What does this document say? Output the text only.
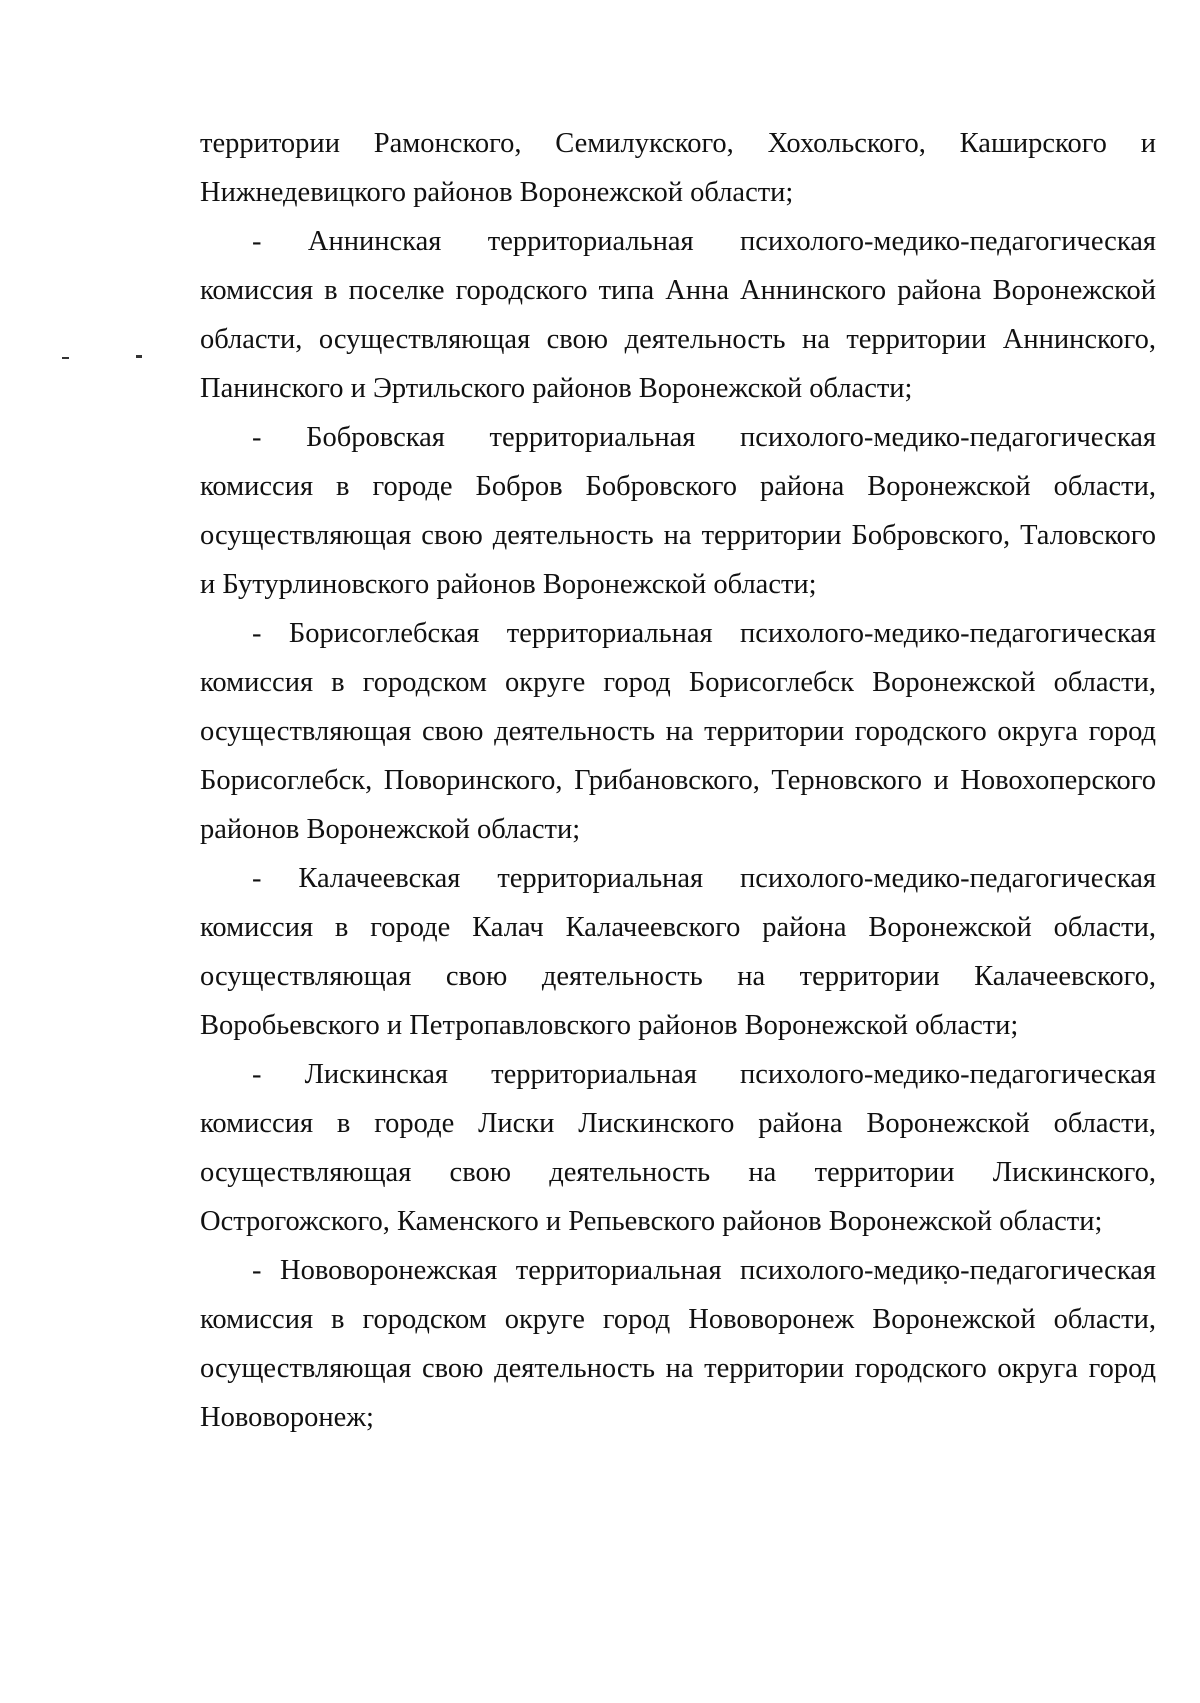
территории Рамонского, Семилукского, Хохольского, Каширского и Нижнедевицкого районов Воронежской области;

- Аннинская территориальная психолого-медико-педагогическая комиссия в поселке городского типа Анна Аннинского района Воронежской области, осуществляющая свою деятельность на территории Аннинского, Панинского и Эртильского районов Воронежской области;

- Бобровская территориальная психолого-медико-педагогическая комиссия в городе Бобров Бобровского района Воронежской области, осуществляющая свою деятельность на территории Бобровского, Таловского и Бутурлиновского районов Воронежской области;

- Борисоглебская территориальная психолого-медико-педагогическая комиссия в городском округе город Борисоглебск Воронежской области, осуществляющая свою деятельность на территории городского округа город Борисоглебск, Поворинского, Грибановского, Терновского и Новохоперского районов Воронежской области;

- Калачеевская территориальная психолого-медико-педагогическая комиссия в городе Калач Калачеевского района Воронежской области, осуществляющая свою деятельность на территории Калачеевского, Воробьевского и Петропавловского районов Воронежской области;

- Лискинская территориальная психолого-медико-педагогическая комиссия в городе Лиски Лискинского района Воронежской области, осуществляющая свою деятельность на территории Лискинского, Острогожского, Каменского и Репьевского районов Воронежской области;

- Нововоронежская территориальная психолого-медико-педагогическая комиссия в городском округе город Нововоронеж Воронежской области, осуществляющая свою деятельность на территории городского округа город Нововоронеж;
